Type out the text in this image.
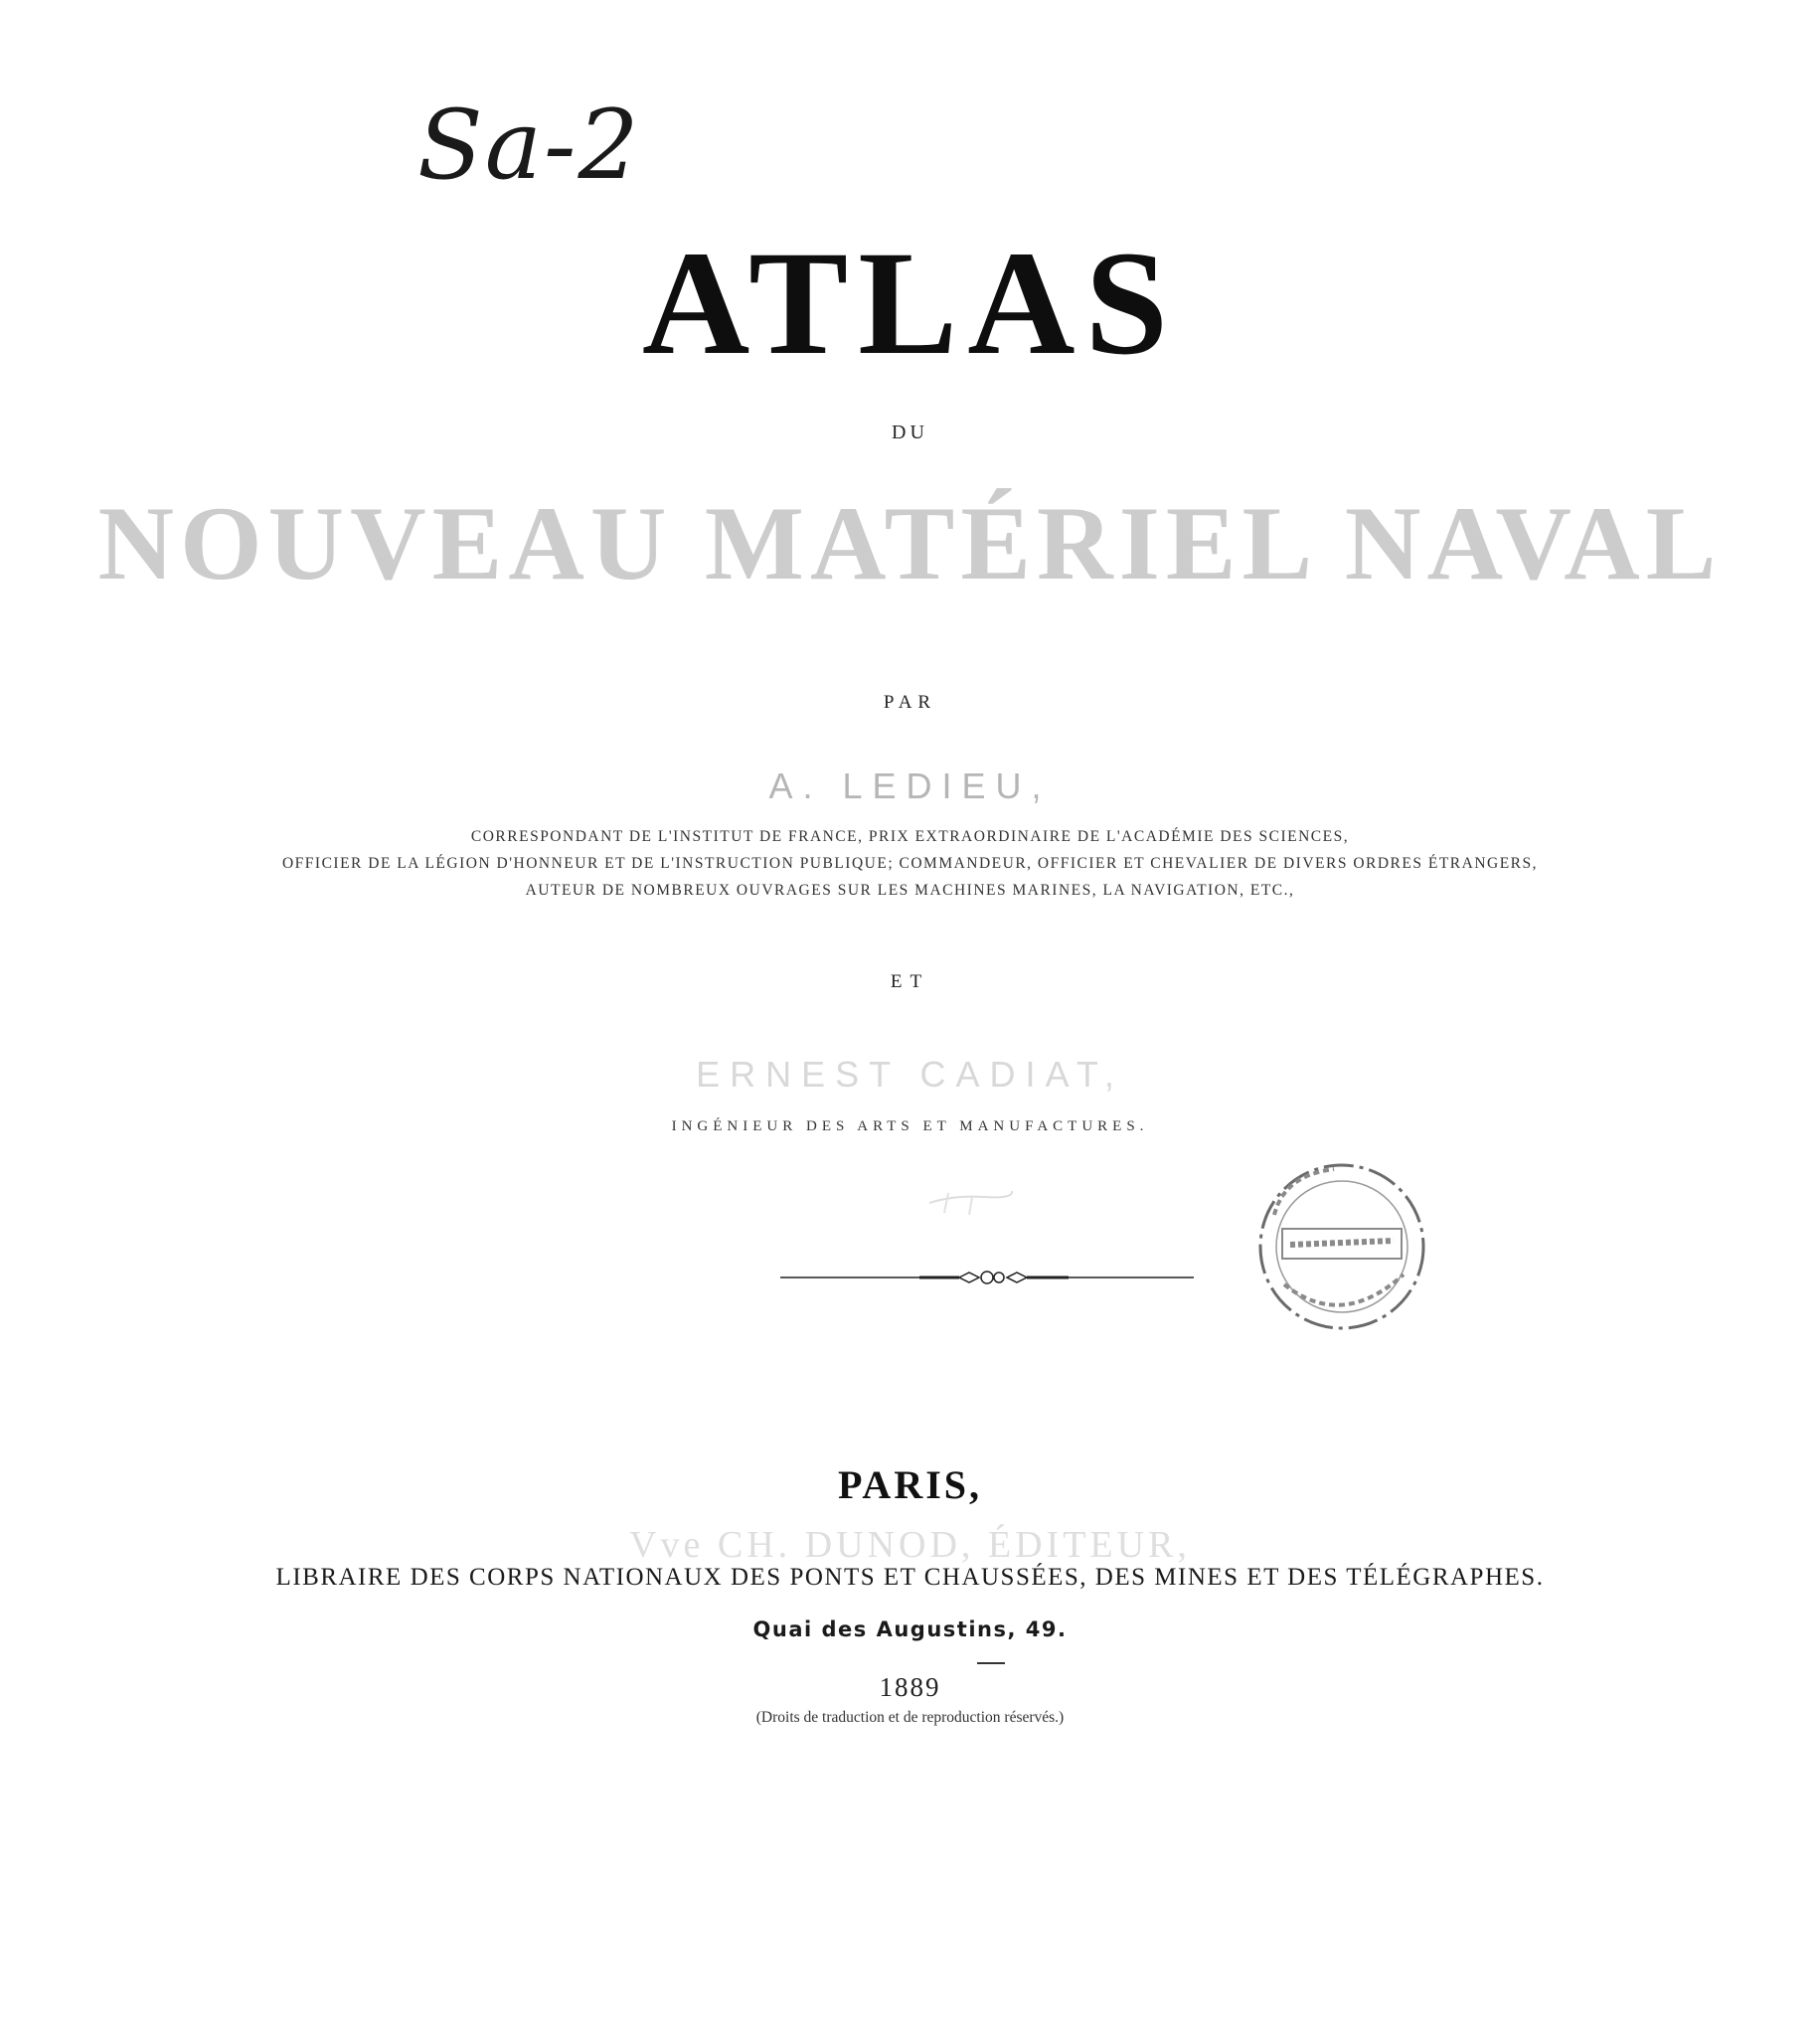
Sa-2
ATLAS
DU
NOUVEAU MATÉRIEL NAVAL
PAR
A. LEDIEU,
CORRESPONDANT DE L'INSTITUT DE FRANCE, PRIX EXTRAORDINAIRE DE L'ACADÉMIE DES SCIENCES,
OFFICIER DE LA LÉGION D'HONNEUR ET DE L'INSTRUCTION PUBLIQUE; COMMANDEUR, OFFICIER ET CHEVALIER DE DIVERS ORDRES ÉTRANGERS,
AUTEUR DE NOMBREUX OUVRAGES SUR LES MACHINES MARINES, LA NAVIGATION, ETC.,
ET
ERNEST CADIAT,
INGÉNIEUR DES ARTS ET MANUFACTURES.
PARIS,
Vve CH. DUNOD, ÉDITEUR,
LIBRAIRE DES CORPS NATIONAUX DES PONTS ET CHAUSSÉES, DES MINES ET DES TÉLÉGRAPHES.
Quai des Augustins, 49.
1889
(Droits de traduction et de reproduction réservés.)
